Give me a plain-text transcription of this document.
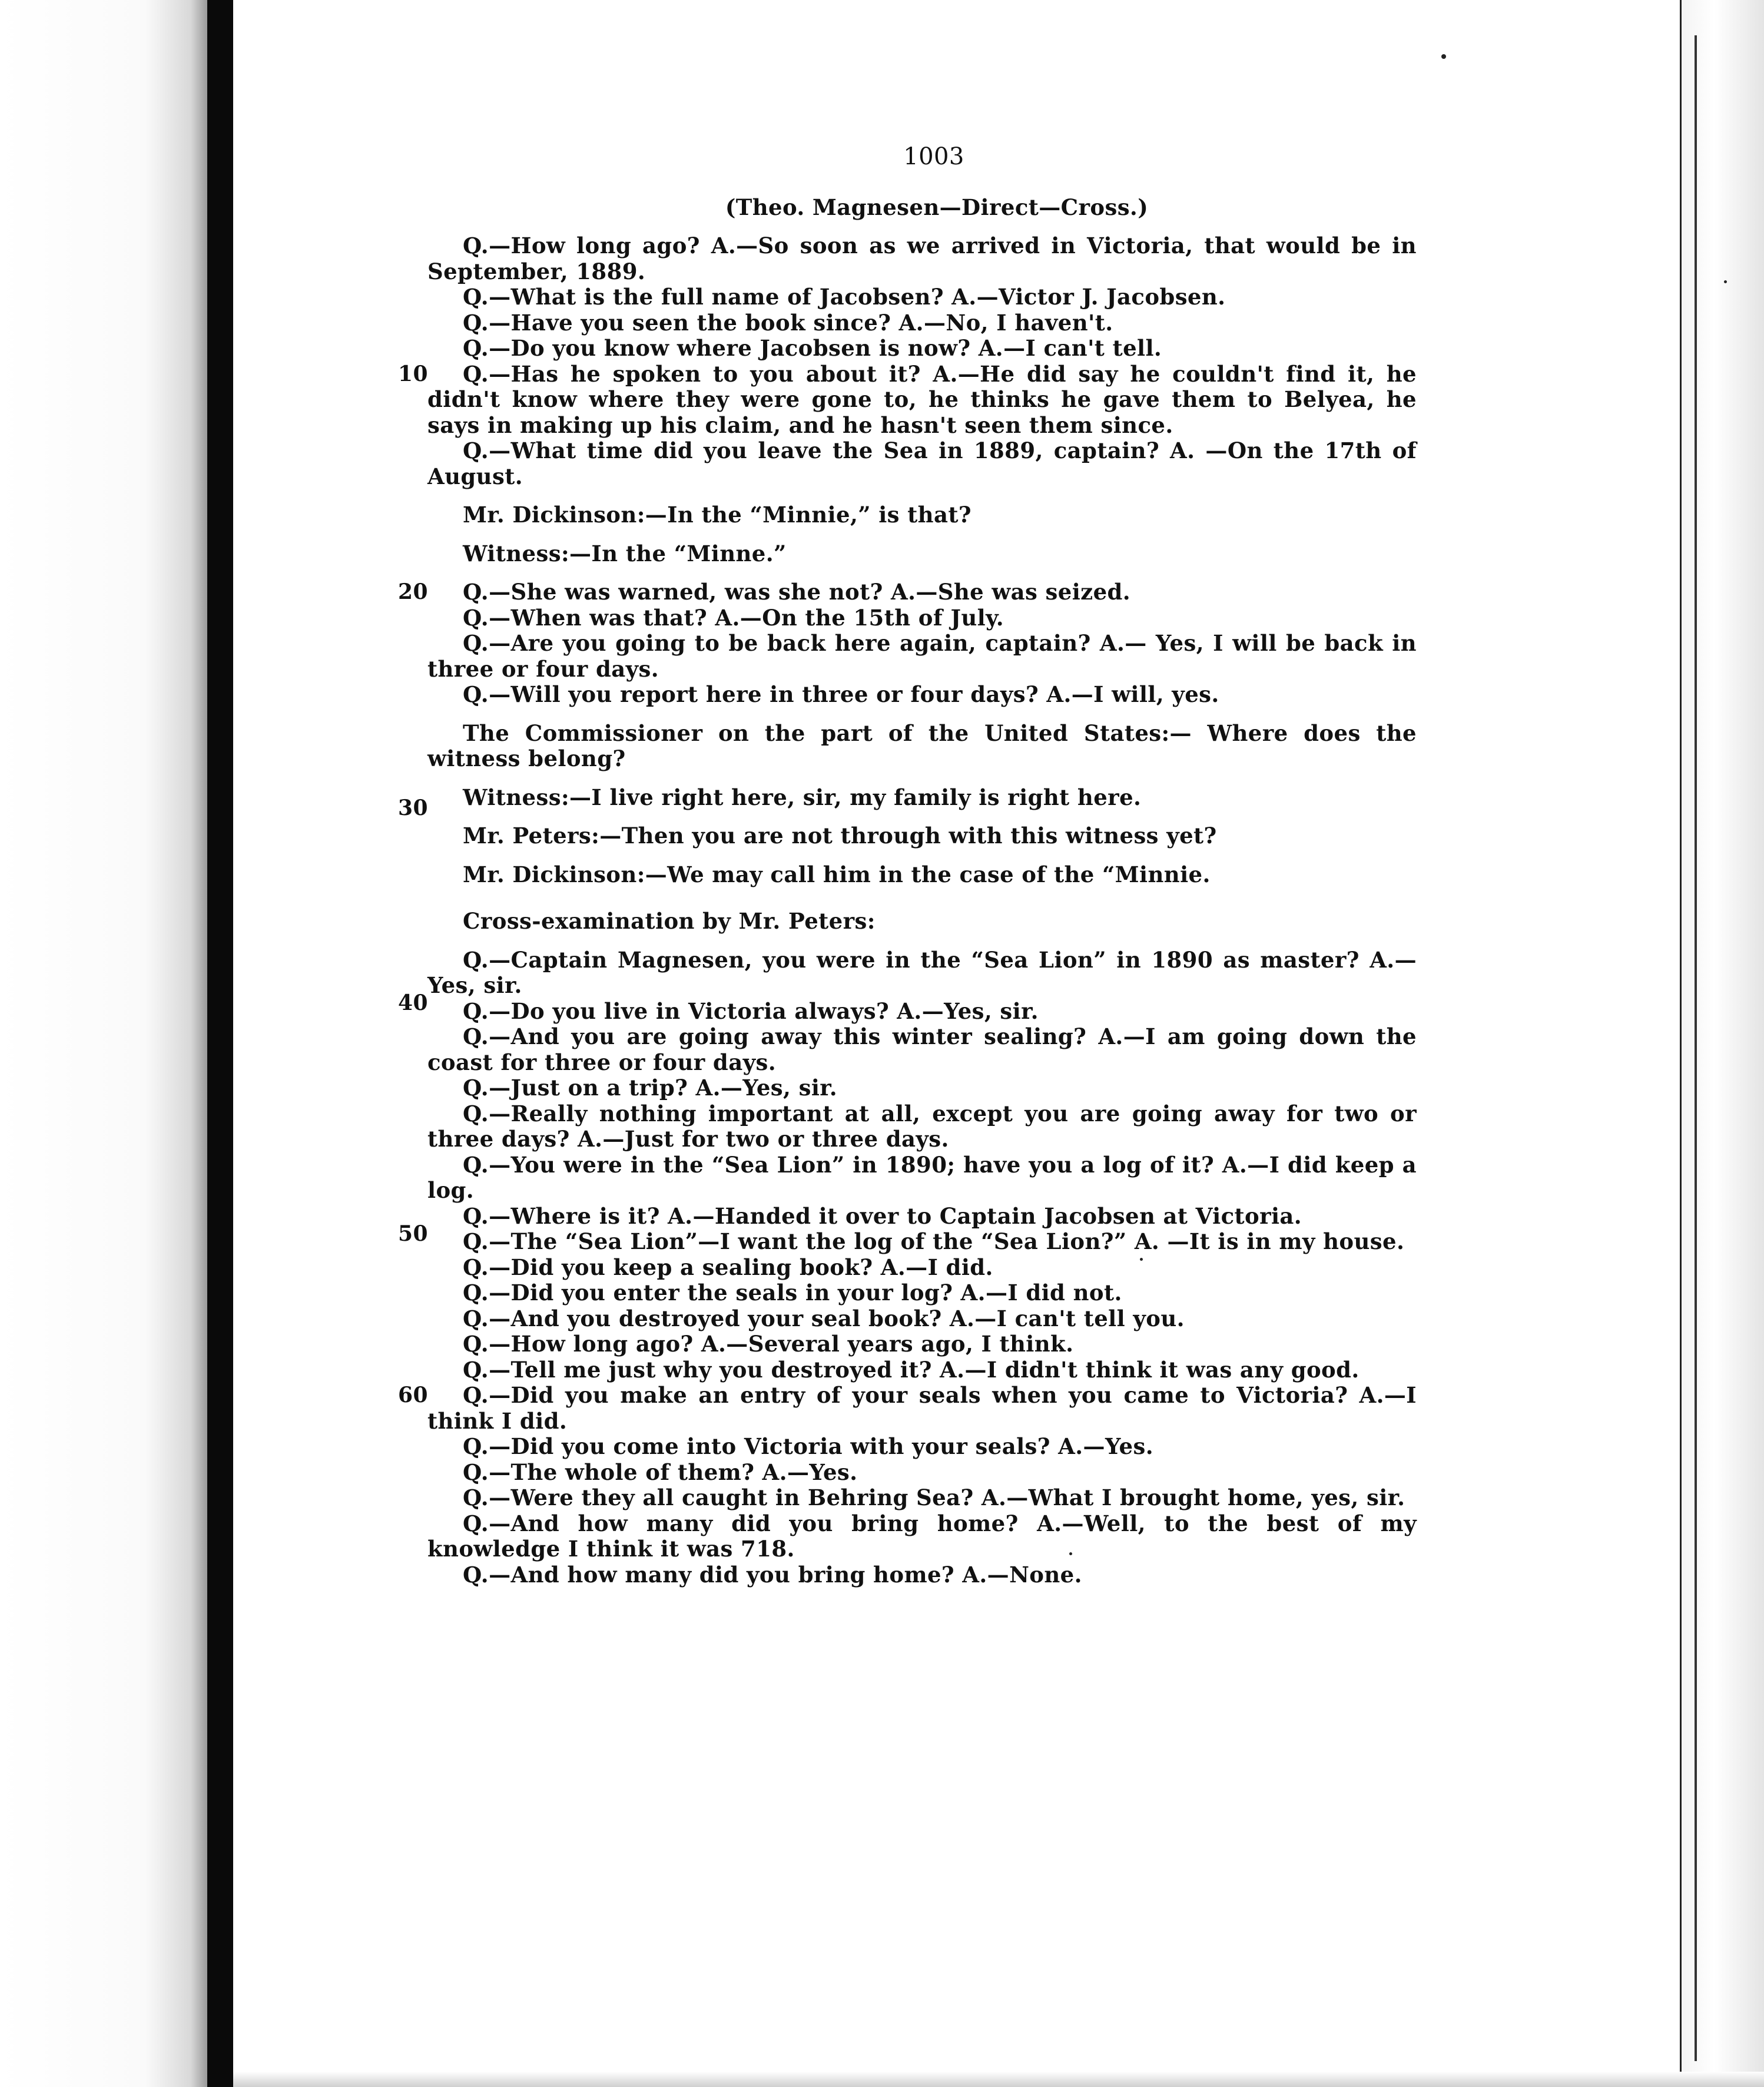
1003
(Theo. Magnesen—Direct—Cross.)

Q.—How long ago? A.—So soon as we arrived in Victoria, that would be in September, 1889.

Q.—What is the full name of Jacobsen? A.—Victor J. Jacobsen.

Q.—Have you seen the book since? A.—No, I haven't.

Q.—Do you know where Jacobsen is now? A.—I can't tell.

10 Q.—Has he spoken to you about it? A.—He did say he couldn't find it, he didn't know where they were gone to, he thinks he gave them to Belyea, he says in making up his claim, and he hasn't seen them since.

Q.—What time did you leave the Sea in 1889, captain? A. —On the 17th of August.

Mr. Dickinson:—In the “Minnie,” is that?

Witness:—In the “Minne.”

20 Q.—She was warned, was she not? A.—She was seized.

Q.—When was that? A.—On the 15th of July.

Q.—Are you going to be back here again, captain? A.— Yes, I will be back in three or four days.

Q.—Will you report here in three or four days? A.—I will, yes.

The Commissioner on the part of the United States:— Where does the witness belong?

30 Witness:—I live right here, sir, my family is right here.

Mr. Peters:—Then you are not through with this witness yet?

Mr. Dickinson:—We may call him in the case of the “Minnie.

Cross-examination by Mr. Peters:

Q.—Captain Magnesen, you were in the “Sea Lion” in 1890 as master? A.—Yes, sir.

40 Q.—Do you live in Victoria always? A.—Yes, sir.

Q.—And you are going away this winter sealing? A.—I am going down the coast for three or four days.

Q.—Just on a trip? A.—Yes, sir.

Q.—Really nothing important at all, except you are going away for two or three days? A.—Just for two or three days.

Q.—You were in the “Sea Lion” in 1890; have you a log of it? A.—I did keep a log.

50
Q.—Where is it? A.—Handed it over to Captain Jacobsen at Victoria.

Q.—The “Sea Lion”—I want the log of the “Sea Lion?” A. —It is in my house.

Q.—Did you keep a sealing book? A.—I did.

Q.—Did you enter the seals in your log? A.—I did not.

Q.—And you destroyed your seal book? A.—I can't tell you.

Q.—How long ago? A.—Several years ago, I think.

Q.—Tell me just why you destroyed it? A.—I didn't think it was any good.

60 Q.—Did you make an entry of your seals when you came to Victoria? A.—I think I did.

Q.—Did you come into Victoria with your seals? A.—Yes.

Q.—The whole of them? A.—Yes.

Q.—Were they all caught in Behring Sea? A.—What I brought home, yes, sir.

Q.—And how many did you bring home? A.—Well, to the best of my knowledge I think it was 718.

Q.—And how many did you bring home? A.—None.
